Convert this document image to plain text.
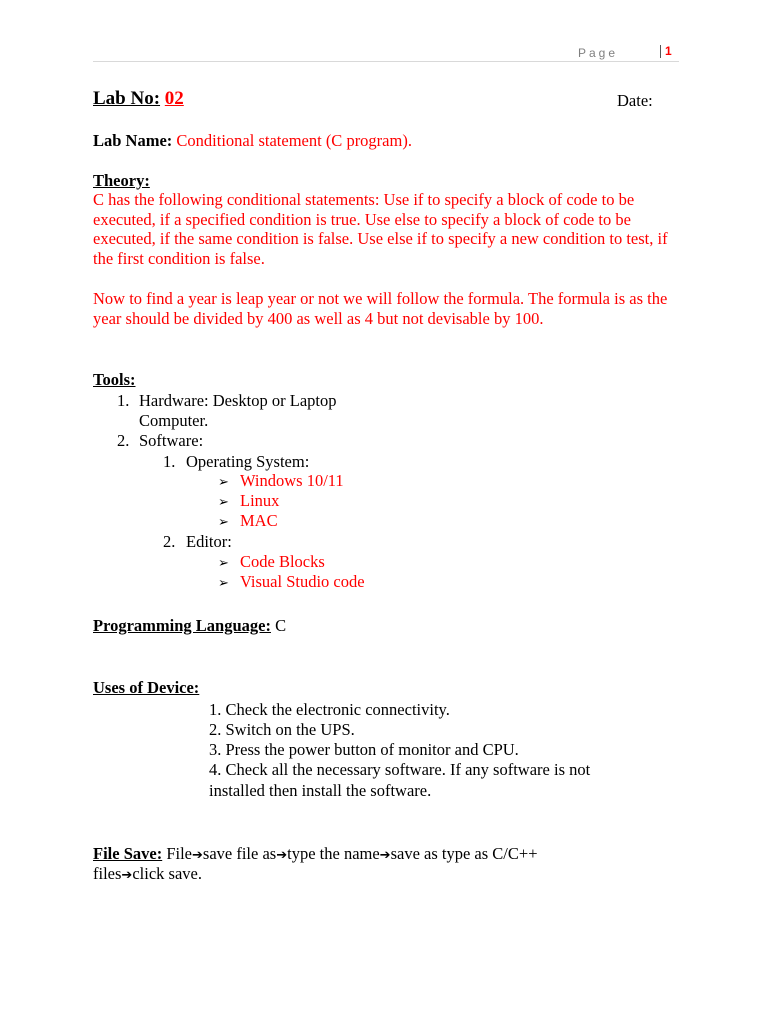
Page	1
Lab No: 02	Date:
Lab Name: Conditional statement (C program).
Theory:
C has the following conditional statements: Use if to specify a block of code to be executed, if a specified condition is true. Use else to specify a block of code to be executed, if the same condition is false. Use else if to specify a new condition to test, if the first condition is false.
Now to find a year is leap year or not we will follow the formula. The formula is as the year should be divided by 400 as well as 4 but not devisable by 100.
Tools:
1. Hardware: Desktop or Laptop
Computer.
2. Software:
1. Operating System:
➢ Windows 10/11
➢ Linux
➢ MAC
2. Editor:
➢ Code Blocks
➢ Visual Studio code
Programming Language: C
Uses of Device:
1. Check the electronic connectivity.
2. Switch on the UPS.
3. Press the power button of monitor and CPU.
4. Check all the necessary software. If any software is not
installed then install the software.
File Save: File➔save file as➔type the name➔save as type as C/C++
files➔click save.
